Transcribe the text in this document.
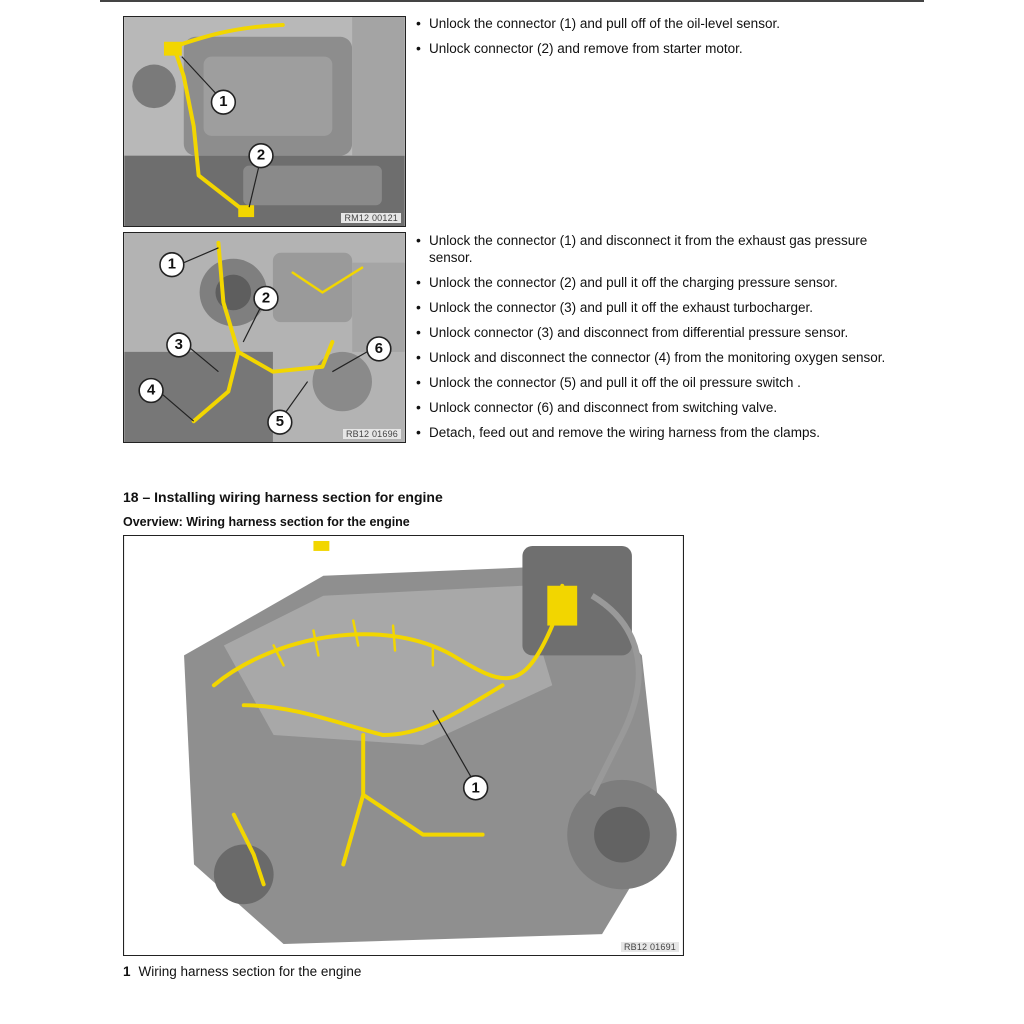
1
2
RM12 00121
• Unlock the connector (1) and pull off of the oil-level sensor.
• Unlock connector (2) and remove from starter motor.
1
2
3
4
5
6
RB12 01696
• Unlock the connector (1) and disconnect it from the exhaust gas pressure sensor.
• Unlock the connector (2) and pull it off the charging pressure sensor.
• Unlock the connector (3) and pull it off the exhaust turbocharger.
• Unlock connector (3) and disconnect from differential pressure sensor.
• Unlock and disconnect the connector (4) from the monitoring oxygen sensor.
• Unlock the connector (5) and pull it off the oil pressure switch .
• Unlock connector (6) and disconnect from switching valve.
• Detach, feed out and remove the wiring harness from the clamps.
18 – Installing wiring harness section for engine
Overview: Wiring harness section for the engine
1
RB12 01691
1 Wiring harness section for the engine
